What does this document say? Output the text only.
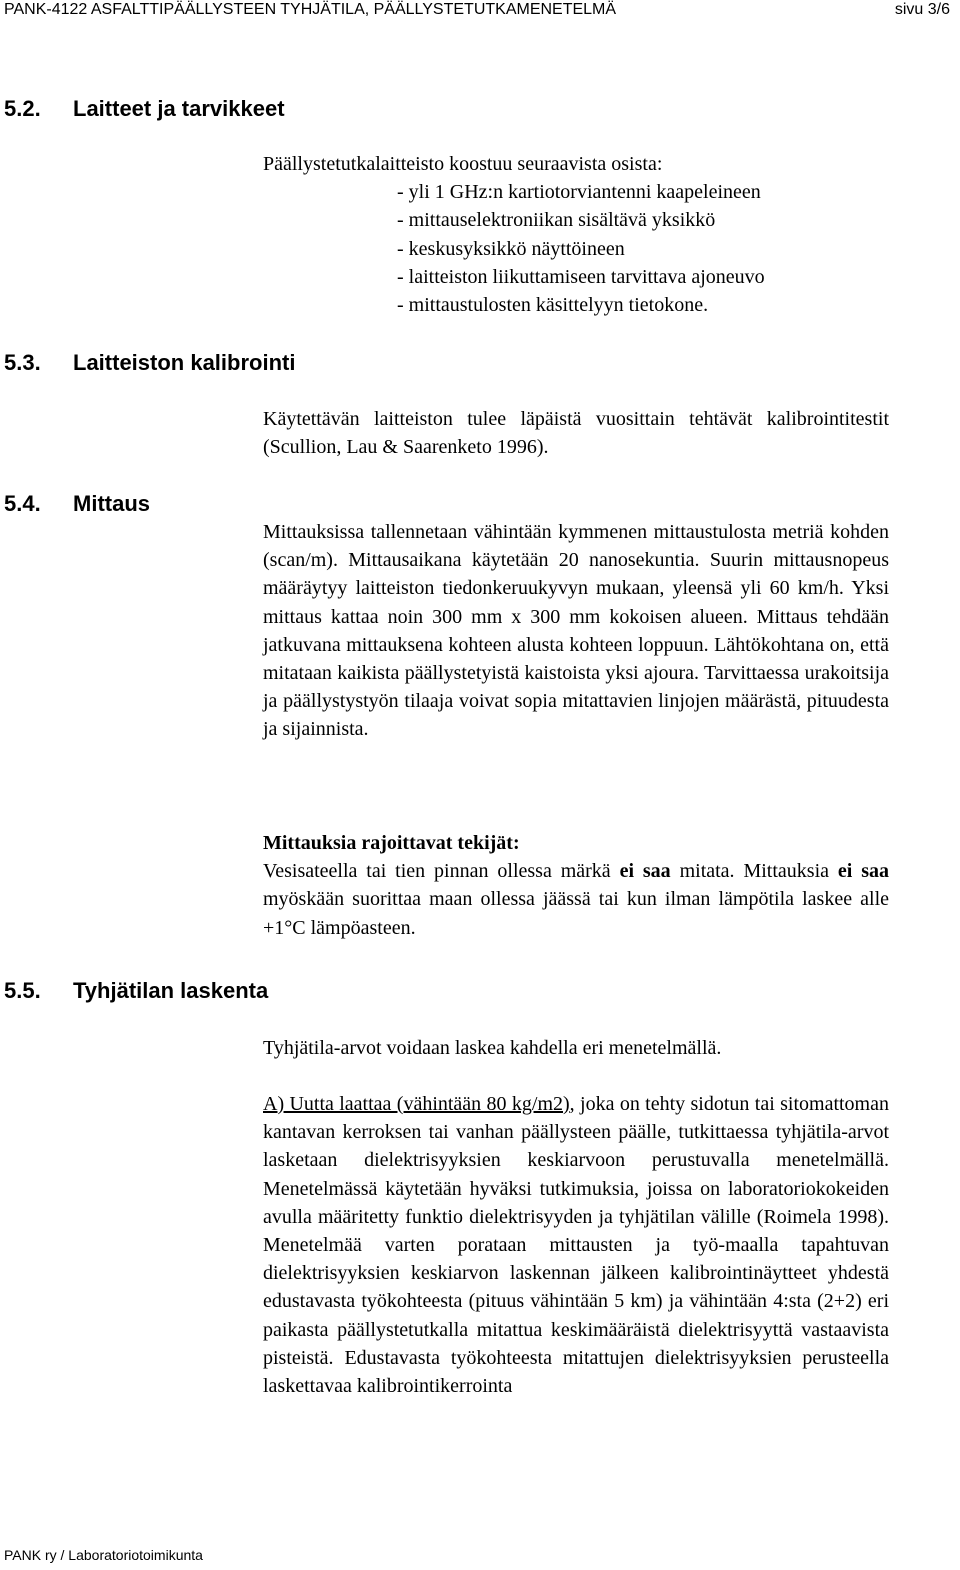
PANK-4122 ASFALTTIPÄÄLLYSTEEN TYHJÄTILA, PÄÄLLYSTETUTKAMENETELMÄ	sivu 3/6
5.2. Laitteet ja tarvikkeet
5.3. Laitteiston kalibrointi
5.4. Mittaus
5.5. Tyhjätilan laskenta
Päällystetutkalaitteisto koostuu seuraavista osista:
- yli 1 GHz:n kartiotorviantenni kaapeleineen
- mittauselektroniikan sisältävä yksikkö
- keskusyksikkö näyttöineen
- laitteiston liikuttamiseen tarvittava ajoneuvo
- mittaustulosten käsittelyyn tietokone.
Käytettävän laitteiston tulee läpäistä vuosittain tehtävät kalibrointitestit (Scullion, Lau & Saarenketo 1996).
Mittauksissa tallennetaan vähintään kymmenen mittaustulosta metriä kohden (scan/m). Mittausaikana käytetään 20 nanosekuntia. Suurin mittausnopeus määräytyy laitteiston tiedonkeruukyvyn mukaan, yleensä yli 60 km/h. Yksi mittaus kattaa noin 300 mm x 300 mm kokoisen alueen. Mittaus tehdään jatkuvana mittauksena kohteen alusta kohteen loppuun. Lähtökohtana on, että mitataan kaikista päällystetyistä kaistoista yksi ajoura. Tarvittaessa urakoitsija ja päällystystyön tilaaja voivat sopia mitattavien linjojen määrästä, pituudesta ja sijainnista.
Mittauksia rajoittavat tekijät:
Vesisateella tai tien pinnan ollessa märkä ei saa mitata. Mittauksia ei saa myöskään suorittaa maan ollessa jäässä tai kun ilman lämpötila laskee alle +1°C lämpöasteen.
Tyhjätila-arvot voidaan laskea kahdella eri menetelmällä.
A) Uutta laattaa (vähintään 80 kg/m2), joka on tehty sidotun tai sitomattoman kantavan kerroksen tai vanhan päällysteen päälle, tutkittaessa tyhjätila-arvot lasketaan dielektrisyyksien keskiarvoon perustuvalla menetelmällä. Menetelmässä käytetään hyväksi tutkimuksia, joissa on laboratoriokokeiden avulla määritetty funktio dielektrisyyden ja tyhjätilan välille (Roimela 1998). Menetelmää varten porataan mittausten ja työ-maalla tapahtuvan dielektrisyyksien keskiarvon laskennan jälkeen kalibrointinäytteet yhdestä edustavasta työkohteesta (pituus vähintään 5 km) ja vähintään 4:sta (2+2) eri paikasta päällystetutkalla mitattua keskimääräistä dielektrisyyttä vastaavista pisteistä. Edustavasta työkohteesta mitattujen dielektrisyyksien perusteella laskettavaa kalibrointikerrointa
PANK ry / Laboratoriotoimikunta
